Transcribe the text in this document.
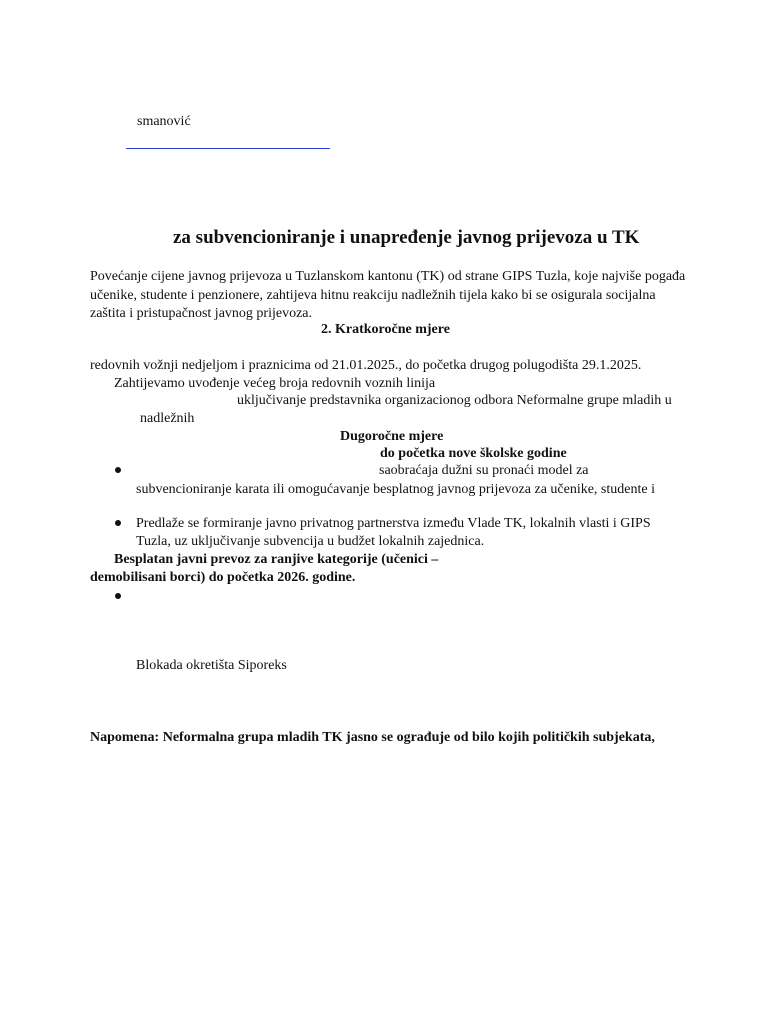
smanović
za subvencioniranje i unapređenje javnog prijevoza u TK
Povećanje cijene javnog prijevoza u Tuzlanskom kantonu (TK) od strane GIPS Tuzla, koje najviše pogađa
učenike, studente i penzionere, zahtijeva hitnu reakciju nadležnih tijela kako bi se osigurala socijalna
zaštita i pristupačnost javnog prijevoza.
2. Kratkoročne mjere
redovnih vožnji nedjeljom i praznicima od 21.01.2025., do početka drugog polugodišta 29.1.2025.
Zahtijevamo uvođenje većeg broja redovnih voznih linija
uključivanje predstavnika organizacionog odbora Neformalne grupe mladih u
nadležnih
Dugoročne mjere
do početka nove školske godine
saobraćaja dužni su pronaći model za
subvencioniranje karata ili omogućavanje besplatnog javnog prijevoza za učenike, studente i
Predlaže se formiranje javno privatnog partnerstva između Vlade TK, lokalnih vlasti i GIPS
Tuzla, uz uključivanje subvencija u budžet lokalnih zajednica.
Besplatan javni prevoz za ranjive kategorije (učenici –
demobilisani borci) do početka 2026. godine.
Blokada okretišta Siporeks
Napomena: Neformalna grupa mladih TK jasno se ograđuje od bilo kojih političkih subjekata,
